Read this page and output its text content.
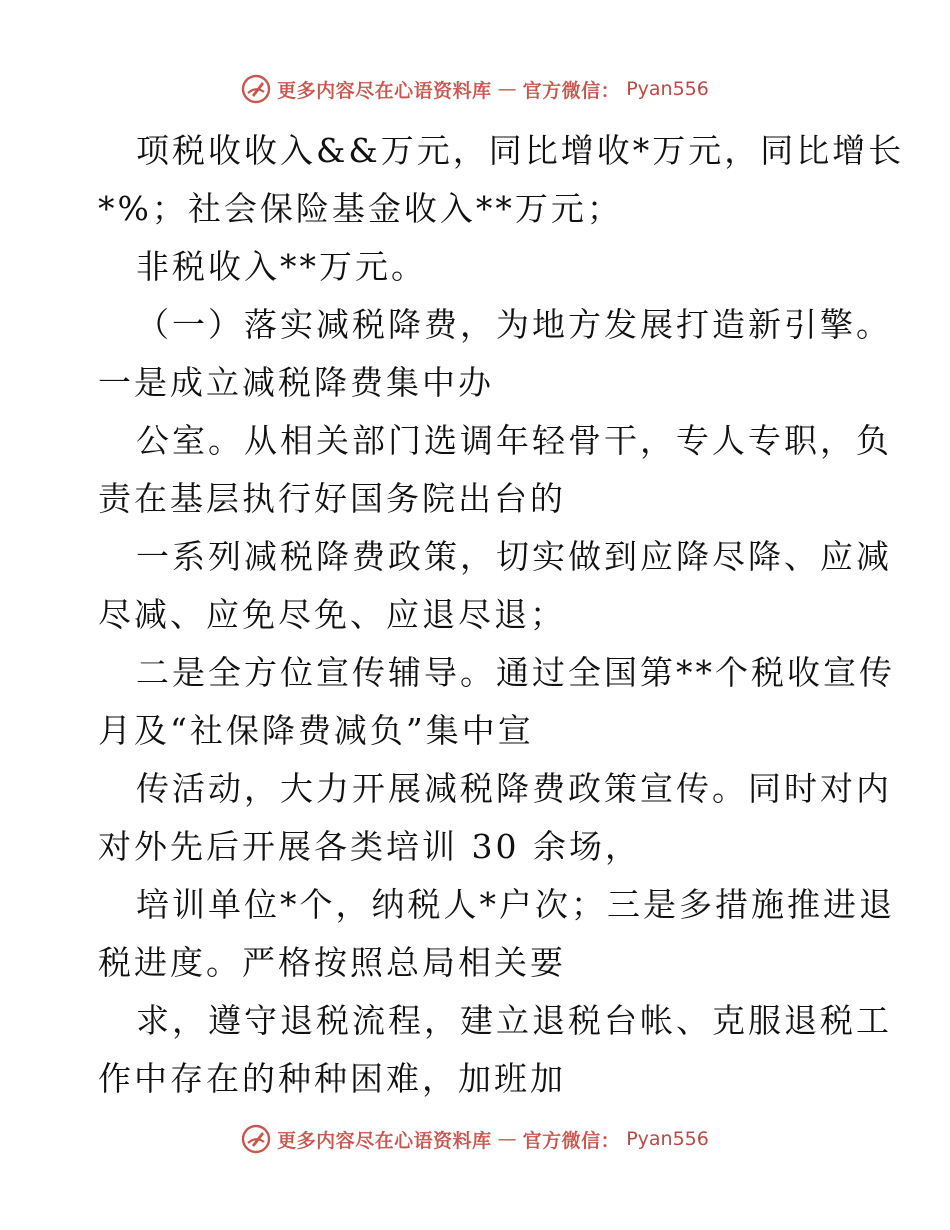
更多内容尽在心语资料库 — 官方微信： Pyan556
项税收收入&&万元，同比增收*万元，同比增长
*%；社会保险基金收入**万元；
非税收入**万元。
（一）落实减税降费，为地方发展打造新引擎。
一是成立减税降费集中办
公室。从相关部门选调年轻骨干，专人专职，负
责在基层执行好国务院出台的
一系列减税降费政策，切实做到应降尽降、应减
尽减、应免尽免、应退尽退；
二是全方位宣传辅导。通过全国第**个税收宣传
月及“社保降费减负”集中宣
传活动，大力开展减税降费政策宣传。同时对内
对外先后开展各类培训 30 余场，
培训单位*个，纳税人*户次；三是多措施推进退
税进度。严格按照总局相关要
求，遵守退税流程，建立退税台帐、克服退税工
作中存在的种种困难，加班加
更多内容尽在心语资料库 — 官方微信： Pyan556
